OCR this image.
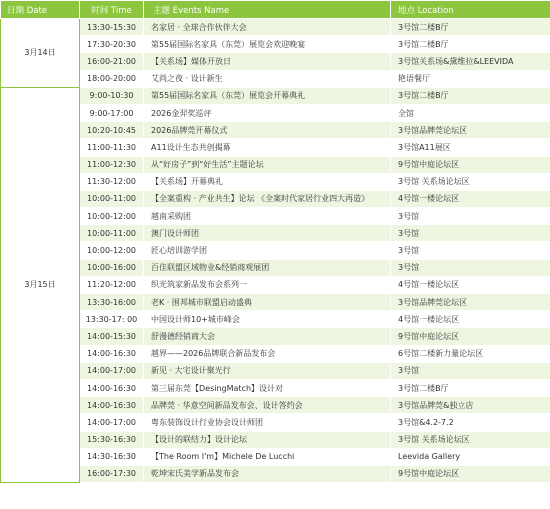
日期 Date	时间 Time	主题 Events Name	地点 Location
3月14日	13:30-15:30	名家居 · 全球合作伙伴大会	3号馆二楼B厅
	17:30-20:30	第55届国际名家具（东莞）展览会欢迎晚宴	3号馆二楼B厅
	16:00-21:00	【关系场】媒体开放日	3号馆关系场&黛维拉&LEEVIDA
	18:00-20:00	艾尚之夜 · 设计新生	艳语餐厅
3月15日	9:00-10:30	第55届国际名家具（东莞）展览会开幕典礼	3号馆二楼B厅
	9:00-17:00	2026金羿奖巡评	全馆
	10:20-10:45	2026品牌莞开幕仪式	3号馆品牌莞论坛区
	11:00-11:30	A11设计生态共创揭幕	3号馆A11展区
	11:00-12:30	从“好房子”到“好生活”主题论坛	9号馆中庭论坛区
	11:30-12:00	【关系场】开幕典礼	3号馆 关系场论坛区
	10:00-11:00	【全案重构 · 产业共生】论坛 《全案时代家居行业四大再造》	4号馆一楼论坛区
	10:00-12:00	越南采购团	3号馆
	10:00-11:00	澳门设计师团	3号馆
	10:00-12:00	匠心培训游学团	3号馆
	10:00-16:00	百佳联盟区域物业&经销商观展团	3号馆
	11:20-12:00	织光筑家新品发布会系列一	4号馆一楼论坛区
	13:30-16:00	老K · 围邦城市联盟启动盛典	3号馆品牌莞论坛区
	13:30-17: 00	中国设计师10+城市峰会	4号馆一楼论坛区
	14:00-15:30	舒漫德经销商大会	9号馆中庭论坛区
	14:00-16:30	越界——2026品牌联合新品发布会	6号馆二楼新力量论坛区
	14:00-17:00	新见 · 大宅设计聚光行	3号馆
	14:00-16:30	第三届东莞【DesingMatch】设计对	3号馆二楼B厅
	14:00-16:30	品牌莞 · 华意空间新品发布会、设计答约会	3号馆品牌莞&独立店
	14:00-17:00	粤东装饰设计行业协会设计师团	3号馆&4.2-7.2
	15:30-16:30	【设计的联结力】设计论坛	3号馆 关系场论坛区
	14:30-16:30	【The Room I'm】Michele De Lucchi	Leevida Gallery
	16:00-17:30	乾坤宋氏美学新品发布会	9号馆中庭论坛区
